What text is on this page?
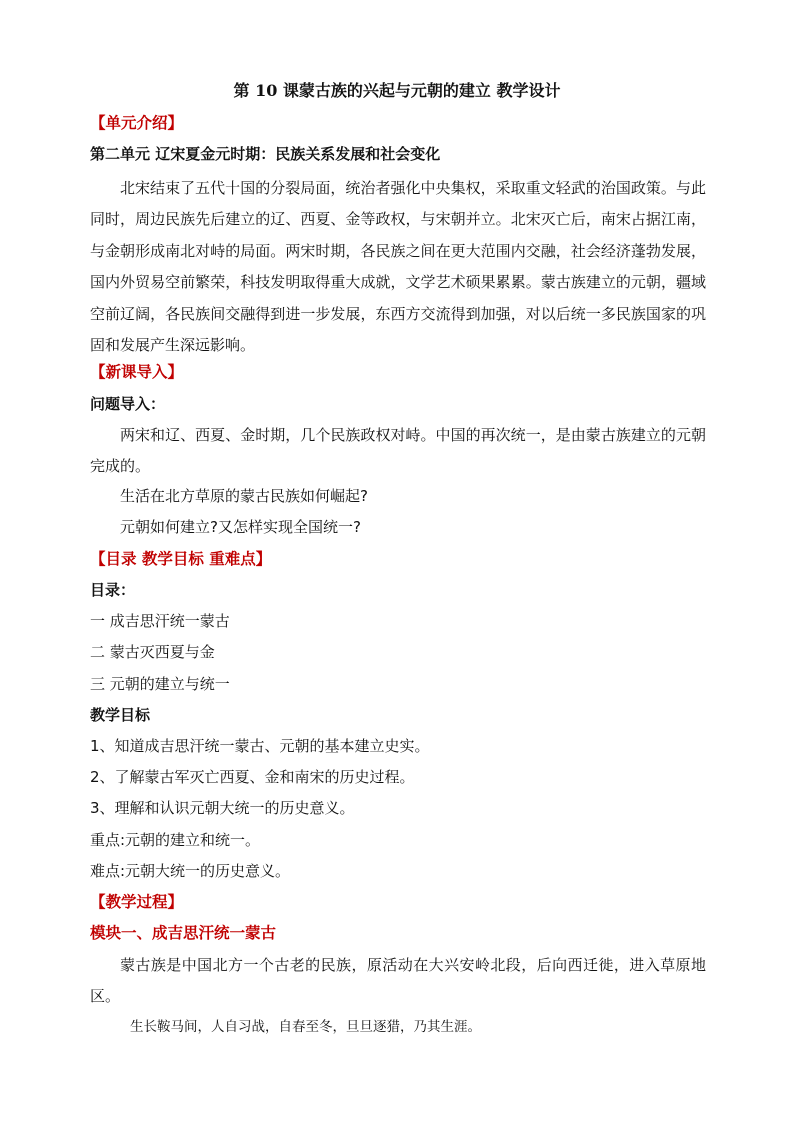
第 10 课蒙古族的兴起与元朝的建立 教学设计
【单元介绍】
第二单元 辽宋夏金元时期：民族关系发展和社会变化
北宋结束了五代十国的分裂局面，统治者强化中央集权，采取重文轻武的治国政策。与此同时，周边民族先后建立的辽、西夏、金等政权，与宋朝并立。北宋灭亡后，南宋占据江南，与金朝形成南北对峙的局面。两宋时期，各民族之间在更大范围内交融，社会经济蓬勃发展，国内外贸易空前繁荣，科技发明取得重大成就，文学艺术硕果累累。蒙古族建立的元朝，疆域空前辽阔，各民族间交融得到进一步发展，东西方交流得到加强，对以后统一多民族国家的巩固和发展产生深远影响。
【新课导入】
问题导入：
两宋和辽、西夏、金时期，几个民族政权对峙。中国的再次统一，是由蒙古族建立的元朝完成的。
生活在北方草原的蒙古民族如何崛起?
元朝如何建立?又怎样实现全国统一?
【目录 教学目标 重难点】
目录：
一 成吉思汗统一蒙古
二 蒙古灭西夏与金
三 元朝的建立与统一
教学目标
1、知道成吉思汗统一蒙古、元朝的基本建立史实。
2、了解蒙古军灭亡西夏、金和南宋的历史过程。
3、理解和认识元朝大统一的历史意义。
重点:元朝的建立和统一。
难点:元朝大统一的历史意义。
【教学过程】
模块一、成吉思汗统一蒙古
蒙古族是中国北方一个古老的民族，原活动在大兴安岭北段，后向西迁徙，进入草原地区。
生长鞍马间，人自习战，自春至冬，旦旦逐猎，乃其生涯。
